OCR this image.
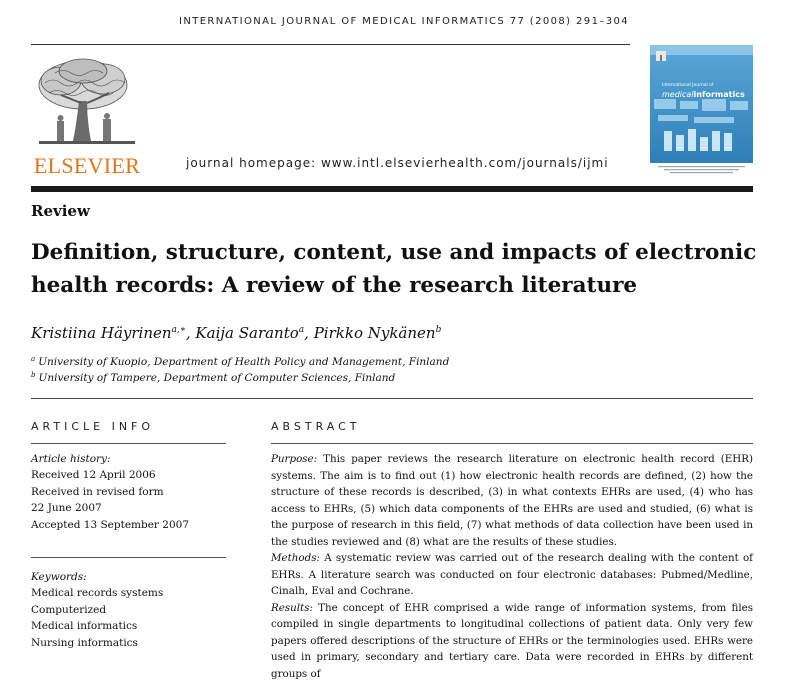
INTERNATIONAL JOURNAL OF MEDICAL INFORMATICS 77 (2008) 291–304
ELSEVIER	journal homepage: www.intl.elsevierhealth.com/journals/ijmi
International Journal of
medicalinformatics
Review
Definition, structure, content, use and impacts of electronic
health records: A review of the research literature
Kristiina Häyrinen$^{a,∗}$, Kaija Saranto$^a$, Pirkko Nykänen$^b$
$^a$ University of Kuopio, Department of Health Policy and Management, Finland
$^b$ University of Tampere, Department of Computer Sciences, Finland
ARTICLE INFO
Article history:
Received 12 April 2006
Received in revised form
22 June 2007
Accepted 13 September 2007
Keywords:
Medical records systems
Computerized
Medical informatics
Nursing informatics
ABSTRACT

Purpose: This paper reviews the research literature on electronic health record (EHR) systems. The aim is to find out (1) how electronic health records are defined, (2) how the structure of these records is described, (3) in what contexts EHRs are used, (4) who has access to EHRs, (5) which data components of the EHRs are used and studied, (6) what is the purpose of research in this field, (7) what methods of data collection have been used in the studies reviewed and (8) what are the results of these studies.

Methods: A systematic review was carried out of the research dealing with the content of EHRs. A literature search was conducted on four electronic databases: Pubmed/Medline, Cinalh, Eval and Cochrane.

Results: The concept of EHR comprised a wide range of information systems, from files compiled in single departments to longitudinal collections of patient data. Only very few papers offered descriptions of the structure of EHRs or the terminologies used. EHRs were used in primary, secondary and tertiary care. Data were recorded in EHRs by different groups of
